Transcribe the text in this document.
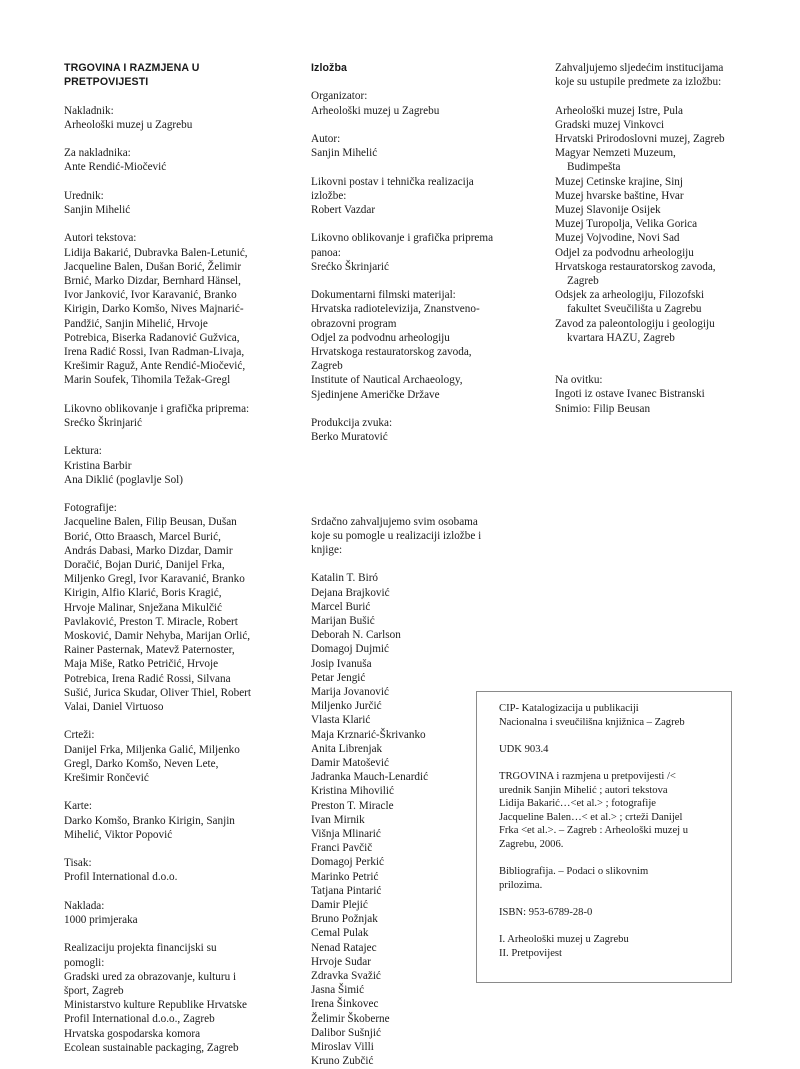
TRGOVINA I RAZMJENA U
PRETPOVIJESTI
Nakladnik:
Arheološki muzej u Zagrebu
Za nakladnika:
Ante Rendić-Miočević
Urednik:
Sanjin Mihelić
Autori tekstova:
Lidija Bakarić, Dubravka Balen-Letunić,
Jacqueline Balen, Dušan Borić, Želimir
Brnić, Marko Dizdar, Bernhard Hänsel,
Ivor Janković, Ivor Karavanić, Branko
Kirigin, Darko Komšo, Nives Majnarić-
Pandžić, Sanjin Mihelić, Hrvoje
Potrebica, Biserka Radanović Gužvica,
Irena Radić Rossi, Ivan Radman-Livaja,
Krešimir Raguž, Ante Rendić-Miočević,
Marin Soufek, Tihomila Težak-Gregl
Likovno oblikovanje i grafička priprema:
Srećko Škrinjarić
Lektura:
Kristina Barbir
Ana Diklić (poglavlje Sol)
Fotografije:
Jacqueline Balen, Filip Beusan, Dušan
Borić, Otto Braasch, Marcel Burić,
András Dabasi, Marko Dizdar, Damir
Doračić, Bojan Durić, Danijel Frka,
Miljenko Gregl, Ivor Karavanić, Branko
Kirigin, Alfio Klarić, Boris Kragić,
Hrvoje Malinar, Snježana Mikulčić
Pavlaković, Preston T. Miracle, Robert
Mosković, Damir Nehyba, Marijan Orlić,
Rainer Pasternak, Matevž Paternoster,
Maja Miše, Ratko Petričić, Hrvoje
Potrebica, Irena Radić Rossi, Silvana
Sušić, Jurica Skudar, Oliver Thiel, Robert
Valai, Daniel Virtuoso
Crteži:
Danijel Frka, Miljenka Galić, Miljenko
Gregl, Darko Komšo, Neven Lete,
Krešimir Rončević
Karte:
Darko Komšo, Branko Kirigin, Sanjin
Mihelić, Viktor Popović
Tisak:
Profil International d.o.o.
Naklada:
1000 primjeraka
Realizaciju projekta financijski su
pomogli:
Gradski ured za obrazovanje, kulturu i
šport, Zagreb
Ministarstvo kulture Republike Hrvatske
Profil International d.o.o., Zagreb
Hrvatska gospodarska komora
Ecolean sustainable packaging, Zagreb
Izložba
Organizator:
Arheološki muzej u Zagrebu
Autor:
Sanjin Mihelić
Likovni postav i tehnička realizacija
izložbe:
Robert Vazdar
Likovno oblikovanje i grafička priprema
panoa:
Srećko Škrinjarić
Dokumentarni filmski materijal:
Hrvatska radiotelevizija, Znanstveno-
obrazovni program
Odjel za podvodnu arheologiju
Hrvatskoga restauratorskog zavoda,
Zagreb
Institute of Nautical Archaeology,
Sjedinjene Američke Države
Produkcija zvuka:
Berko Muratović
Srdačno zahvaljujemo svim osobama
koje su pomogle u realizaciji izložbe i
knjige:
Katalin T. Biró
Dejana Brajković
Marcel Burić
Marijan Bušić
Deborah N. Carlson
Domagoj Dujmić
Josip Ivanuša
Petar Jengić
Marija Jovanović
Miljenko Jurčić
Vlasta Klarić
Maja Krznarić-Škrivanko
Anita Librenjak
Damir Matošević
Jadranka Mauch-Lenardić
Kristina Mihovilić
Preston T. Miracle
Ivan Mirnik
Višnja Mlinarić
Franci Pavčič
Domagoj Perkić
Marinko Petrić
Tatjana Pintarić
Damir Plejić
Bruno Požnjak
Cemal Pulak
Nenad Ratajec
Hrvoje Sudar
Zdravka Svažić
Jasna Šimić
Irena Šinkovec
Želimir Škoberne
Dalibor Sušnjić
Miroslav Villi
Kruno Zubčić
Zahvaljujemo sljedećim institucijama
koje su ustupile predmete za izložbu:
Arheološki muzej Istre, Pula
Gradski muzej Vinkovci
Hrvatski Prirodoslovni muzej, Zagreb
Magyar Nemzeti Muzeum,
Budimpešta
Muzej Cetinske krajine, Sinj
Muzej hvarske baštine, Hvar
Muzej Slavonije Osijek
Muzej Turopolja, Velika Gorica
Muzej Vojvodine, Novi Sad
Odjel za podvodnu arheologiju
Hrvatskoga restauratorskog zavoda,
Zagreb
Odsjek za arheologiju, Filozofski
fakultet Sveučilišta u Zagrebu
Zavod za paleontologiju i geologiju
kvartara HAZU, Zagreb
Na ovitku:
Ingoti iz ostave Ivanec Bistranski
Snimio: Filip Beusan
CIP- Katalogizacija u publikaciji
Nacionalna i sveučilišna knjižnica – Zagreb
UDK 903.4
TRGOVINA i razmjena u pretpovijesti /<
urednik Sanjin Mihelić ; autori tekstova
Lidija Bakarić…<et al.> ; fotografije
Jacqueline Balen…< et al.> ; crteži Danijel
Frka <et al.>. – Zagreb : Arheološki muzej u
Zagrebu, 2006.
Bibliografija. – Podaci o slikovnim
prilozima.
ISBN: 953-6789-28-0
I. Arheološki muzej u Zagrebu
II. Pretpovijest
